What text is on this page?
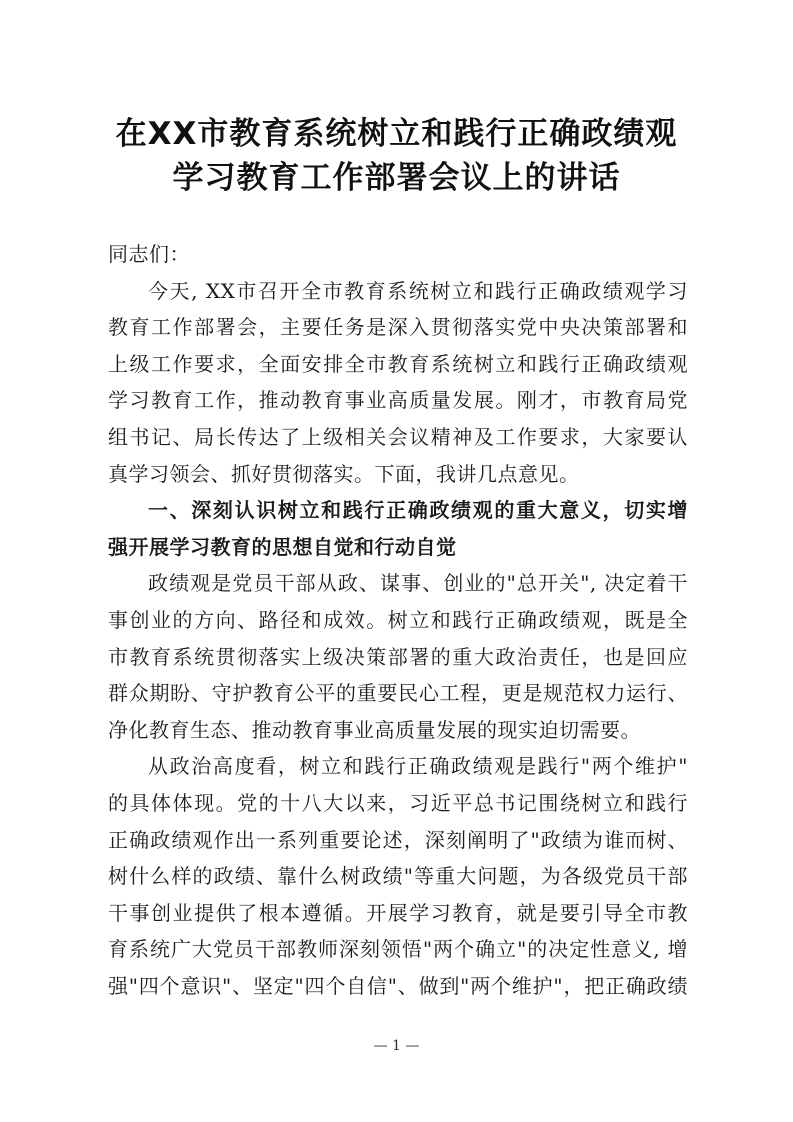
在XX市教育系统树立和践行正确政绩观
学习教育工作部署会议上的讲话
同志们：
今天, XX市召开全市教育系统树立和践行正确政绩观学习
教育工作部署会，主要任务是深入贯彻落实党中央决策部署和
上级工作要求，全面安排全市教育系统树立和践行正确政绩观
学习教育工作，推动教育事业高质量发展。刚才，市教育局党
组书记、局长传达了上级相关会议精神及工作要求，大家要认
真学习领会、抓好贯彻落实。下面，我讲几点意见。
一、深刻认识树立和践行正确政绩观的重大意义，切实增
强开展学习教育的思想自觉和行动自觉
政绩观是党员干部从政、谋事、创业的"总开关", 决定着干
事创业的方向、路径和成效。树立和践行正确政绩观，既是全
市教育系统贯彻落实上级决策部署的重大政治责任，也是回应
群众期盼、守护教育公平的重要民心工程，更是规范权力运行、
净化教育生态、推动教育事业高质量发展的现实迫切需要。
从政治高度看，树立和践行正确政绩观是践行"两个维护"
的具体体现。党的十八大以来，习近平总书记围绕树立和践行
正确政绩观作出一系列重要论述，深刻阐明了"政绩为谁而树、
树什么样的政绩、靠什么树政绩"等重大问题，为各级党员干部
干事创业提供了根本遵循。开展学习教育，就是要引导全市教
育系统广大党员干部教师深刻领悟"两个确立"的决定性意义, 增
强"四个意识"、坚定"四个自信"、做到"两个维护"，把正确政绩
— 1 —
